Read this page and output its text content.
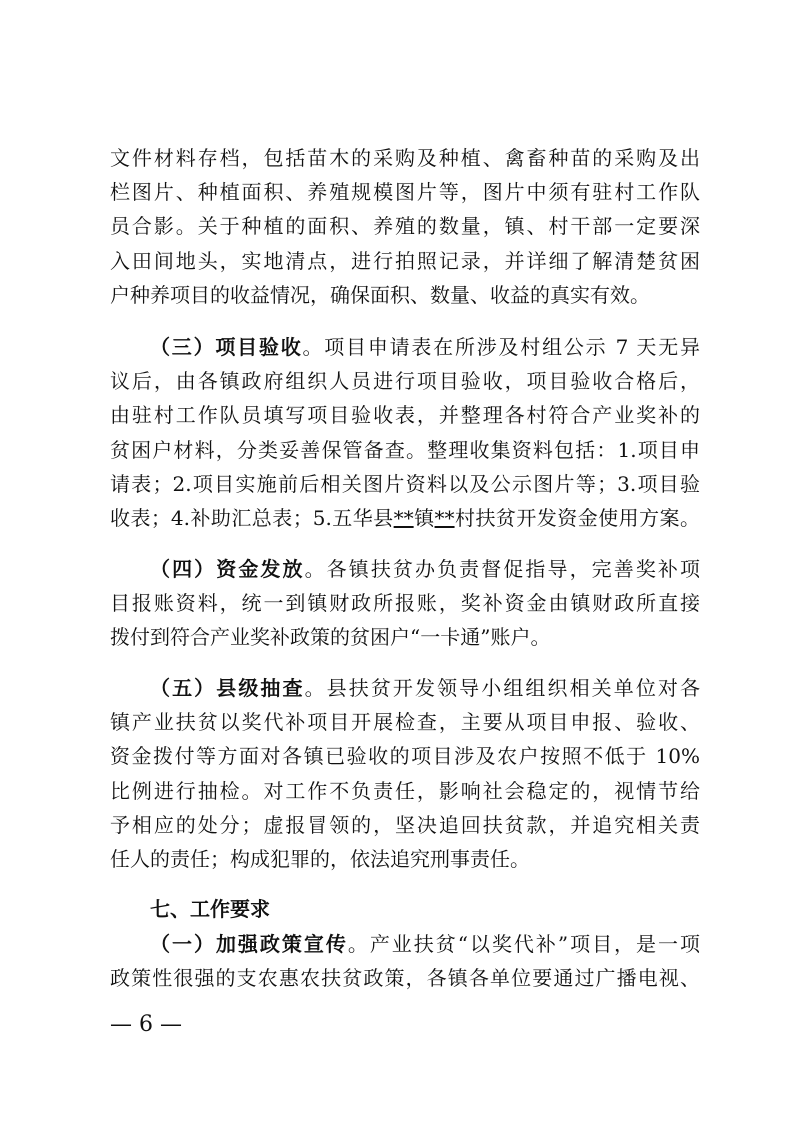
文件材料存档，包括苗木的采购及种植、禽畜种苗的采购及出
栏图片、种植面积、养殖规模图片等，图片中须有驻村工作队
员合影。关于种植的面积、养殖的数量，镇、村干部一定要深
入田间地头，实地清点，进行拍照记录，并详细了解清楚贫困
户种养项目的收益情况，确保面积、数量、收益的真实有效。
（三）项目验收。项目申请表在所涉及村组公示 7 天无异
议后，由各镇政府组织人员进行项目验收，项目验收合格后，
由驻村工作队员填写项目验收表，并整理各村符合产业奖补的
贫困户材料，分类妥善保管备查。整理收集资料包括：1.项目申
请表；2.项目实施前后相关图片资料以及公示图片等；3.项目验
收表；4.补助汇总表；5.五华县**镇**村扶贫开发资金使用方案。
（四）资金发放。各镇扶贫办负责督促指导，完善奖补项
目报账资料，统一到镇财政所报账，奖补资金由镇财政所直接
拨付到符合产业奖补政策的贫困户“一卡通”账户。
（五）县级抽查。县扶贫开发领导小组组织相关单位对各
镇产业扶贫以奖代补项目开展检查，主要从项目申报、验收、
资金拨付等方面对各镇已验收的项目涉及农户按照不低于 10%
比例进行抽检。对工作不负责任，影响社会稳定的，视情节给
予相应的处分；虚报冒领的，坚决追回扶贫款，并追究相关责
任人的责任；构成犯罪的，依法追究刑事责任。
七、工作要求
（一）加强政策宣传。产业扶贫“以奖代补”项目，是一项
政策性很强的支农惠农扶贫政策，各镇各单位要通过广播电视、
— 6 —
